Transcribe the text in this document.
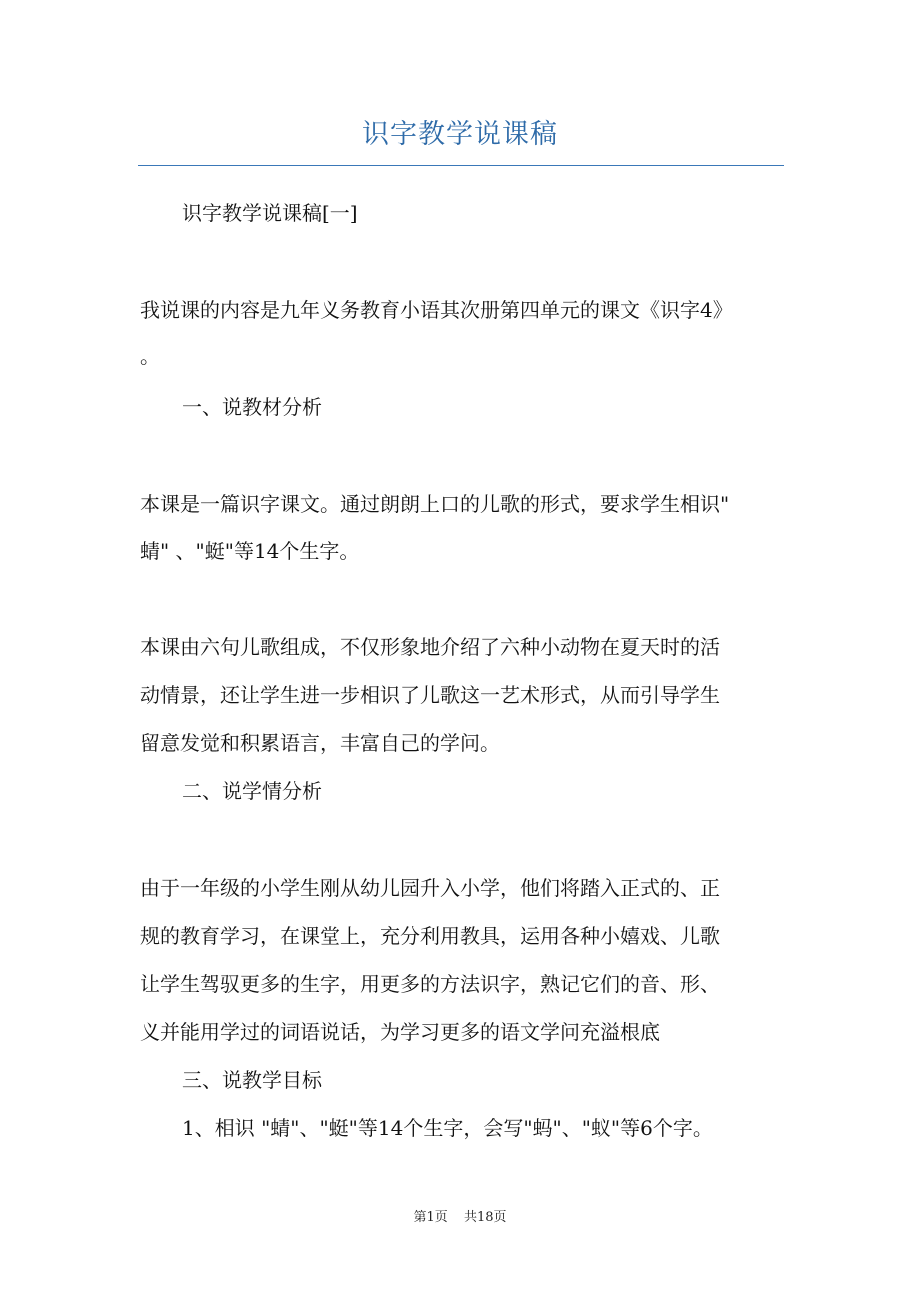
识字教学说课稿
识字教学说课稿[一]
我说课的内容是九年义务教育小语其次册第四单元的课文《识字4》
。
一、说教材分析
本课是一篇识字课文。通过朗朗上口的儿歌的形式，要求学生相识"
蜻" 、"蜓"等14个生字。
本课由六句儿歌组成，不仅形象地介绍了六种小动物在夏天时的活
动情景，还让学生进一步相识了儿歌这一艺术形式，从而引导学生
留意发觉和积累语言，丰富自己的学问。
二、说学情分析
由于一年级的小学生刚从幼儿园升入小学，他们将踏入正式的、正
规的教育学习，在课堂上，充分利用教具，运用各种小嬉戏、儿歌
让学生驾驭更多的生字，用更多的方法识字，熟记它们的音、形、
义并能用学过的词语说话，为学习更多的语文学问充溢根底
三、说教学目标
1、相识 "蜻"、"蜓"等14个生字，会写"蚂"、"蚁"等6个字。
第1页 共18页
